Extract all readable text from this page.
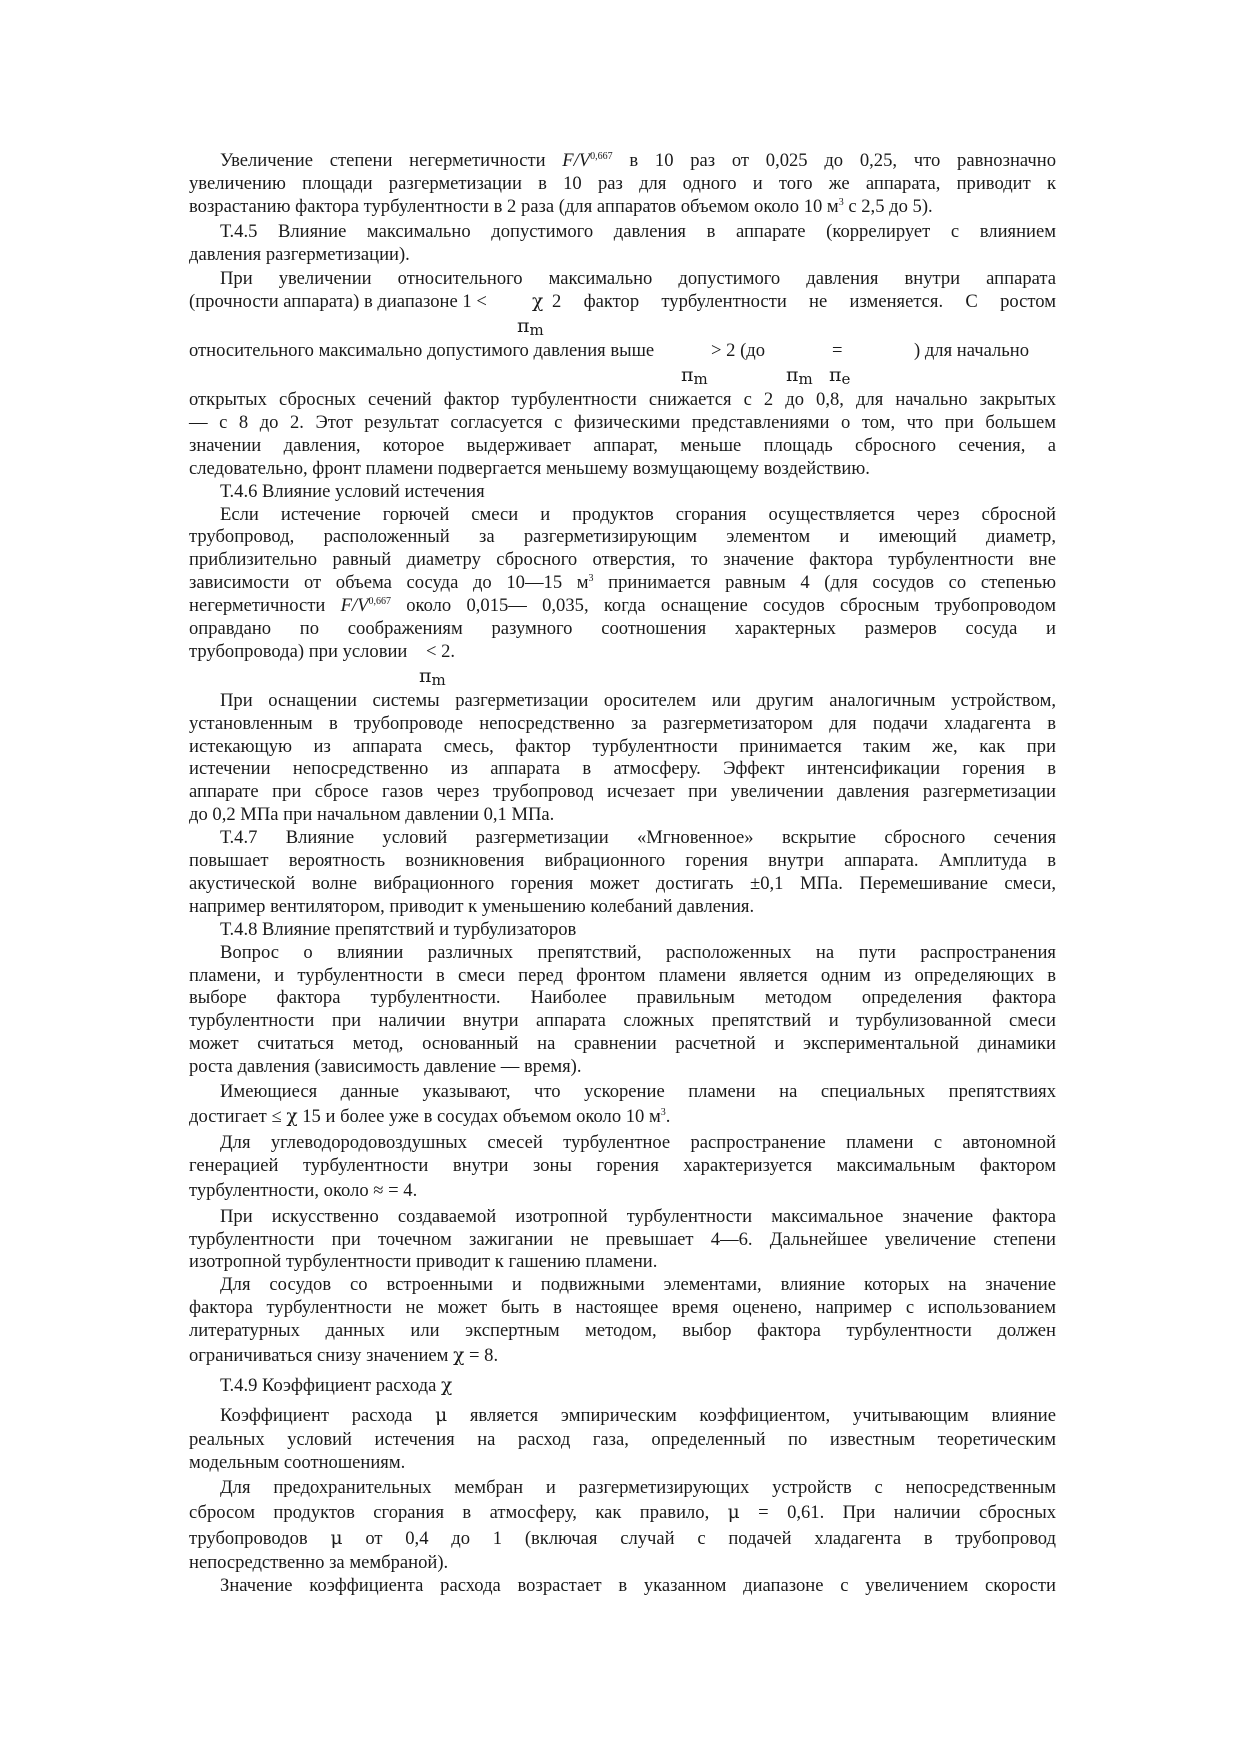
Увеличение степени негерметичности $F/V^{0,667}$ в 10 раз от 0,025 до 0,25, что равнозначно
увеличению площади разгерметизации в 10 раз для одного и того же аппарата, приводит к
возрастанию фактора турбулентности в 2 раза (для аппаратов объемом около 10 $м^3$ с 2,5 до 5).
Т.4.5 Влияние максимально допустимого давления в аппарате (коррелирует с влиянием
давления разгерметизации).
При увеличении относительного максимально допустимого давления внутри аппарата
(прочности аппарата) в диапазоне 1 < χ 2 фактор турбулентности не изменяется. С ростом
$\pi_m$
относительного максимально допустимого давления выше	> 2 (до	=	) для начально
$\pi_m$	$\pi_m$ $\pi_e$
открытых сбросных сечений фактор турбулентности снижается с 2 до 0,8, для начально закрытых
— с 8 до 2. Этот результат согласуется с физическими представлениями о том, что при большем
значении давления, которое выдерживает аппарат, меньше площадь сбросного сечения, а
следовательно, фронт пламени подвергается меньшему возмущающему воздействию.
Т.4.6 Влияние условий истечения
Если истечение горючей смеси и продуктов сгорания осуществляется через сбросной
трубопровод, расположенный за разгерметизирующим элементом и имеющий диаметр,
приблизительно равный диаметру сбросного отверстия, то значение фактора турбулентности вне
зависимости от объема сосуда до 10—15 $м^3$ принимается равным 4 (для сосудов со степенью
негерметичности $F/V^{0,667}$ около 0,015— 0,035, когда оснащение сосудов сбросным трубопроводом
оправдано по соображениям разумного соотношения характерных размеров сосуда и
трубопровода) при условии < 2.
$\pi_m$
При оснащении системы разгерметизации оросителем или другим аналогичным устройством,
установленным в трубопроводе непосредственно за разгерметизатором для подачи хладагента в
истекающую из аппарата смесь, фактор турбулентности принимается таким же, как при
истечении непосредственно из аппарата в атмосферу. Эффект интенсификации горения в
аппарате при сбросе газов через трубопровод исчезает при увеличении давления разгерметизации
до 0,2 МПа при начальном давлении 0,1 МПа.
Т.4.7 Влияние условий разгерметизации «Мгновенное» вскрытие сбросного сечения
повышает вероятность возникновения вибрационного горения внутри аппарата. Амплитуда в
акустической волне вибрационного горения может достигать ±0,1 МПа. Перемешивание смеси,
например вентилятором, приводит к уменьшению колебаний давления.
Т.4.8 Влияние препятствий и турбулизаторов
Вопрос о влиянии различных препятствий, расположенных на пути распространения
пламени, и турбулентности в смеси перед фронтом пламени является одним из определяющих в
выборе фактора турбулентности. Наиболее правильным методом определения фактора
турбулентности при наличии внутри аппарата сложных препятствий и турбулизованной смеси
может считаться метод, основанный на сравнении расчетной и экспериментальной динамики
роста давления (зависимость давление — время).
Имеющиеся данные указывают, что ускорение пламени на специальных препятствиях
достигает ≤ χ 15 и более уже в сосудах объемом около 10 $м^3$.
Для углеводородовоздушных смесей турбулентное распространение пламени с автономной
генерацией турбулентности внутри зоны горения характеризуется максимальным фактором
турбулентности, около ≈ = 4.
При искусственно создаваемой изотропной турбулентности максимальное значение фактора
турбулентности при точечном зажигании не превышает 4—6. Дальнейшее увеличение степени
изотропной турбулентности приводит к гашению пламени.
Для сосудов со встроенными и подвижными элементами, влияние которых на значение
фактора турбулентности не может быть в настоящее время оценено, например с использованием
литературных данных или экспертным методом, выбор фактора турбулентности должен
ограничиваться снизу значением χ = 8.
Т.4.9 Коэффициент расхода χ
Коэффициент расхода μ является эмпирическим коэффициентом, учитывающим влияние
реальных условий истечения на расход газа, определенный по известным теоретическим
модельным соотношениям.
Для предохранительных мембран и разгерметизирующих устройств с непосредственным
сбросом продуктов сгорания в атмосферу, как правило, μ = 0,61. При наличии сбросных
трубопроводов μ от 0,4 до 1 (включая случай с подачей хладагента в трубопровод
непосредственно за мембраной).
Значение коэффициента расхода возрастает в указанном диапазоне с увеличением скорости
